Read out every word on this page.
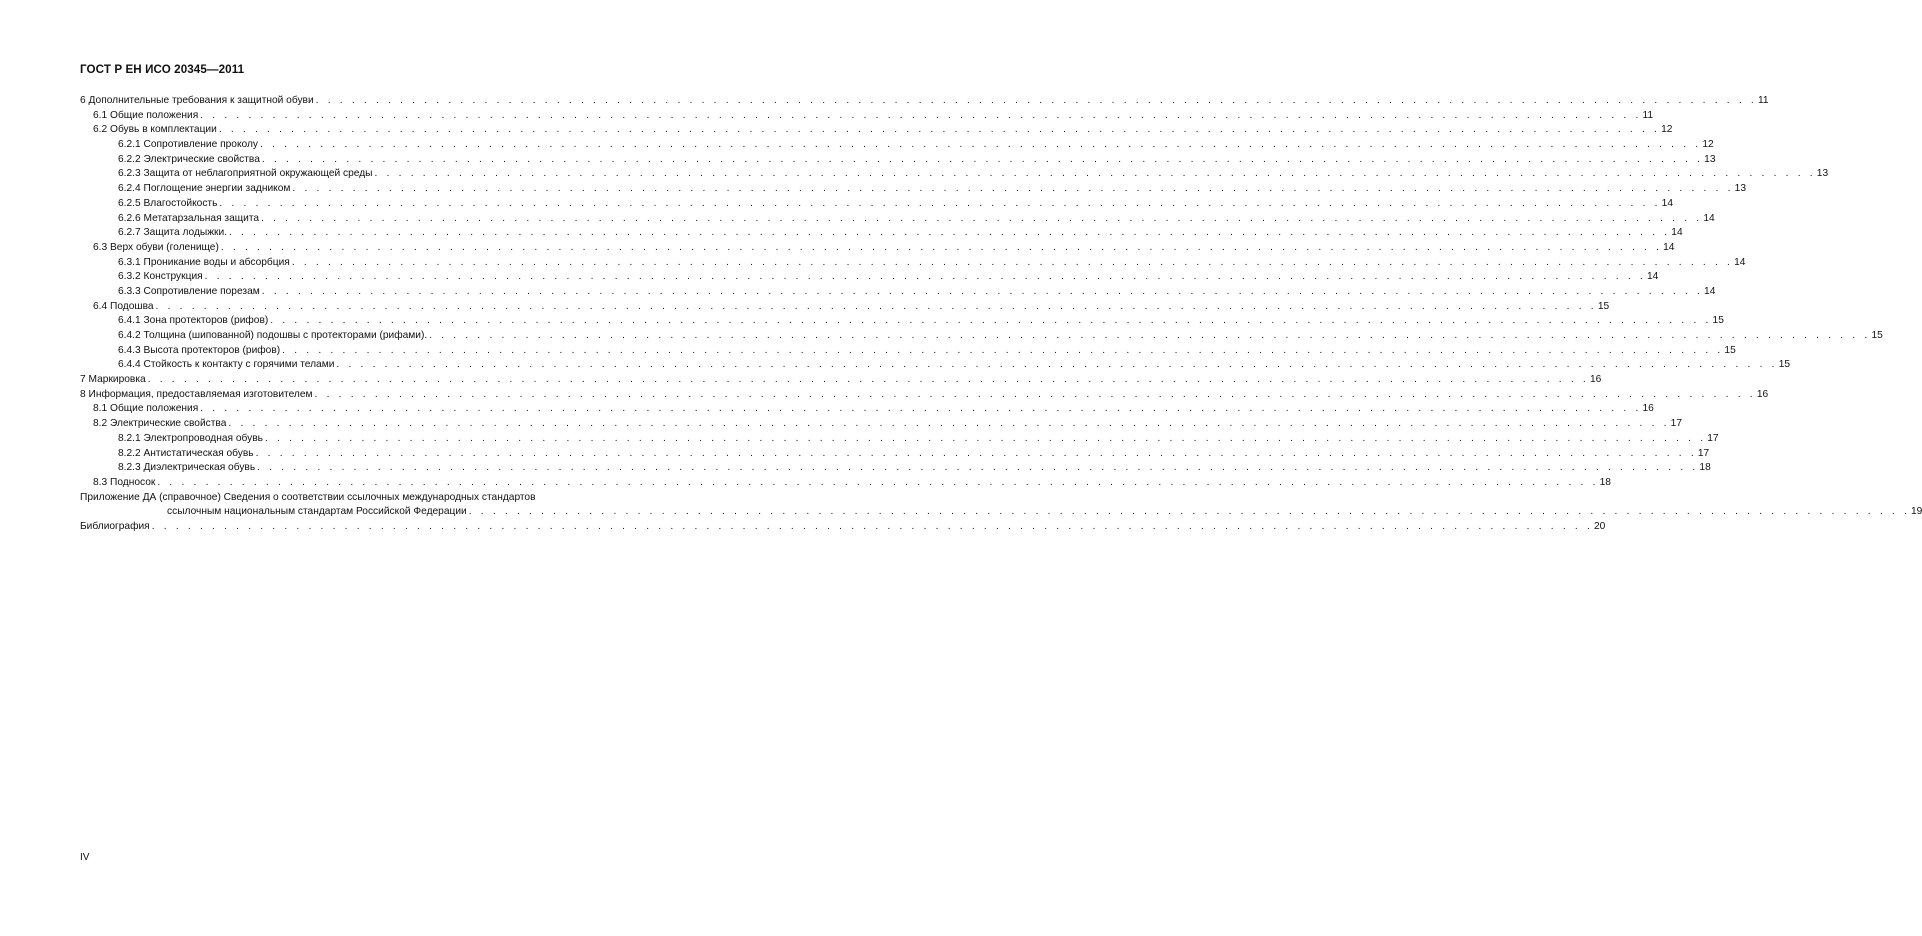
ГОСТ Р ЕН ИСО 20345—2011
6 Дополнительные требования к защитной обуви . . . . . . . . . . . . . . . . . . . . . . . . . . . . . . . . . . . . . . . . . . . . . . . . . . . . . . . . . . . . . . . . . . . . . . . . . . . . . . . . . . . . . . . . . . . . . . . . . . . . . . . . . . . . . . . . . . . . . . . . 11
6.1 Общие положения . . . . . . . . . . . . . . . . . . . . . . . . . . . . . . . . . . . . . . . . . . . . . . . . . . . . . . . . . . . . . . . . . . . . . . . . . . . . . . . . . . . . . . . . . . . . . . . . . . . . . . . . . . . . . . . . . . . . . . . . 11
6.2 Обувь в комплектации . . . . . . . . . . . . . . . . . . . . . . . . . . . . . . . . . . . . . . . . . . . . . . . . . . . . . . . . . . . . . . . . . . . . . . . . . . . . . . . . . . . . . . . . . . . . . . . . . . . . . . . . . . . . . . . . . . . . . . . . 12
6.2.1 Сопротивление проколу . . . . . . . . . . . . . . . . . . . . . . . . . . . . . . . . . . . . . . . . . . . . . . . . . . . . . . . . . . . . . . . . . . . . . . . . . . . . . . . . . . . . . . . . . . . . . . . . . . . . . . . . . . . . . . . . . . . . . . . . 12
6.2.2 Электрические свойства . . . . . . . . . . . . . . . . . . . . . . . . . . . . . . . . . . . . . . . . . . . . . . . . . . . . . . . . . . . . . . . . . . . . . . . . . . . . . . . . . . . . . . . . . . . . . . . . . . . . . . . . . . . . . . . . . . . . . . . . 13
6.2.3 Защита от неблагоприятной окружающей среды . . . . . . . . . . . . . . . . . . . . . . . . . . . . . . . . . . . . . . . . . . . . . . . . . . . . . . . . . . . . . . . . . . . . . . . . . . . . . . . . . . . . . . . . . . . . . . . . . . . . . . . . . . . . . . . . . . . . . . . . 13
6.2.4 Поглощение энергии задником . . . . . . . . . . . . . . . . . . . . . . . . . . . . . . . . . . . . . . . . . . . . . . . . . . . . . . . . . . . . . . . . . . . . . . . . . . . . . . . . . . . . . . . . . . . . . . . . . . . . . . . . . . . . . . . . . . . . . . . . 13
6.2.5 Влагостойкость . . . . . . . . . . . . . . . . . . . . . . . . . . . . . . . . . . . . . . . . . . . . . . . . . . . . . . . . . . . . . . . . . . . . . . . . . . . . . . . . . . . . . . . . . . . . . . . . . . . . . . . . . . . . . . . . . . . . . . . . 14
6.2.6 Метатарзальная защита . . . . . . . . . . . . . . . . . . . . . . . . . . . . . . . . . . . . . . . . . . . . . . . . . . . . . . . . . . . . . . . . . . . . . . . . . . . . . . . . . . . . . . . . . . . . . . . . . . . . . . . . . . . . . . . . . . . . . . . . 14
6.2.7 Защита лодыжки. . . . . . . . . . . . . . . . . . . . . . . . . . . . . . . . . . . . . . . . . . . . . . . . . . . . . . . . . . . . . . . . . . . . . . . . . . . . . . . . . . . . . . . . . . . . . . . . . . . . . . . . . . . . . . . . . . . . . . . . . 14
6.3 Верх обуви (голенище) . . . . . . . . . . . . . . . . . . . . . . . . . . . . . . . . . . . . . . . . . . . . . . . . . . . . . . . . . . . . . . . . . . . . . . . . . . . . . . . . . . . . . . . . . . . . . . . . . . . . . . . . . . . . . . . . . . . . . . . . 14
6.3.1 Проникание воды и абсорбция . . . . . . . . . . . . . . . . . . . . . . . . . . . . . . . . . . . . . . . . . . . . . . . . . . . . . . . . . . . . . . . . . . . . . . . . . . . . . . . . . . . . . . . . . . . . . . . . . . . . . . . . . . . . . . . . . . . . . . . . 14
6.3.2 Конструкция . . . . . . . . . . . . . . . . . . . . . . . . . . . . . . . . . . . . . . . . . . . . . . . . . . . . . . . . . . . . . . . . . . . . . . . . . . . . . . . . . . . . . . . . . . . . . . . . . . . . . . . . . . . . . . . . . . . . . . . . 14
6.3.3 Сопротивление порезам . . . . . . . . . . . . . . . . . . . . . . . . . . . . . . . . . . . . . . . . . . . . . . . . . . . . . . . . . . . . . . . . . . . . . . . . . . . . . . . . . . . . . . . . . . . . . . . . . . . . . . . . . . . . . . . . . . . . . . . . 14
6.4 Подошва . . . . . . . . . . . . . . . . . . . . . . . . . . . . . . . . . . . . . . . . . . . . . . . . . . . . . . . . . . . . . . . . . . . . . . . . . . . . . . . . . . . . . . . . . . . . . . . . . . . . . . . . . . . . . . . . . . . . . . . . 15
6.4.1 Зона протекторов (рифов) . . . . . . . . . . . . . . . . . . . . . . . . . . . . . . . . . . . . . . . . . . . . . . . . . . . . . . . . . . . . . . . . . . . . . . . . . . . . . . . . . . . . . . . . . . . . . . . . . . . . . . . . . . . . . . . . . . . . . . . . 15
6.4.2 Толщина (шипованной) подошвы с протекторами (рифами). . . . . . . . . . . . . . . . . . . . . . . . . . . . . . . . . . . . . . . . . . . . . . . . . . . . . . . . . . . . . . . . . . . . . . . . . . . . . . . . . . . . . . . . . . . . . . . . . . . . . . . . . . . . . . . . . . . . . . . . . 15
6.4.3 Высота протекторов (рифов) . . . . . . . . . . . . . . . . . . . . . . . . . . . . . . . . . . . . . . . . . . . . . . . . . . . . . . . . . . . . . . . . . . . . . . . . . . . . . . . . . . . . . . . . . . . . . . . . . . . . . . . . . . . . . . . . . . . . . . . . 15
6.4.4 Стойкость к контакту с горячими телами . . . . . . . . . . . . . . . . . . . . . . . . . . . . . . . . . . . . . . . . . . . . . . . . . . . . . . . . . . . . . . . . . . . . . . . . . . . . . . . . . . . . . . . . . . . . . . . . . . . . . . . . . . . . . . . . . . . . . . . . 15
7 Маркировка . . . . . . . . . . . . . . . . . . . . . . . . . . . . . . . . . . . . . . . . . . . . . . . . . . . . . . . . . . . . . . . . . . . . . . . . . . . . . . . . . . . . . . . . . . . . . . . . . . . . . . . . . . . . . . . . . . . . . . . . 16
8 Информация, предоставляемая изготовителем . . . . . . . . . . . . . . . . . . . . . . . . . . . . . . . . . . . . . . . . . . . . . . . . . . . . . . . . . . . . . . . . . . . . . . . . . . . . . . . . . . . . . . . . . . . . . . . . . . . . . . . . . . . . . . . . . . . . . . . . 16
8.1 Общие положения . . . . . . . . . . . . . . . . . . . . . . . . . . . . . . . . . . . . . . . . . . . . . . . . . . . . . . . . . . . . . . . . . . . . . . . . . . . . . . . . . . . . . . . . . . . . . . . . . . . . . . . . . . . . . . . . . . . . . . . . 16
8.2 Электрические свойства . . . . . . . . . . . . . . . . . . . . . . . . . . . . . . . . . . . . . . . . . . . . . . . . . . . . . . . . . . . . . . . . . . . . . . . . . . . . . . . . . . . . . . . . . . . . . . . . . . . . . . . . . . . . . . . . . . . . . . . . 17
8.2.1 Электропроводная обувь . . . . . . . . . . . . . . . . . . . . . . . . . . . . . . . . . . . . . . . . . . . . . . . . . . . . . . . . . . . . . . . . . . . . . . . . . . . . . . . . . . . . . . . . . . . . . . . . . . . . . . . . . . . . . . . . . . . . . . . . 17
8.2.2 Антистатическая обувь . . . . . . . . . . . . . . . . . . . . . . . . . . . . . . . . . . . . . . . . . . . . . . . . . . . . . . . . . . . . . . . . . . . . . . . . . . . . . . . . . . . . . . . . . . . . . . . . . . . . . . . . . . . . . . . . . . . . . . . . 17
8.2.3 Диэлектрическая обувь . . . . . . . . . . . . . . . . . . . . . . . . . . . . . . . . . . . . . . . . . . . . . . . . . . . . . . . . . . . . . . . . . . . . . . . . . . . . . . . . . . . . . . . . . . . . . . . . . . . . . . . . . . . . . . . . . . . . . . . . 18
8.3 Подносок . . . . . . . . . . . . . . . . . . . . . . . . . . . . . . . . . . . . . . . . . . . . . . . . . . . . . . . . . . . . . . . . . . . . . . . . . . . . . . . . . . . . . . . . . . . . . . . . . . . . . . . . . . . . . . . . . . . . . . . . 18
Приложение ДА (справочное) Сведения о соответствии ссылочных международных стандартов
ссылочным национальным стандартам Российской Федерации . . . . . . . . . . . . . . . . . . . . . . . . . . . . . . . . . . . . . . . . . . . . . . . . . . . . . . . . . . . . . . . . . . . . . . . . . . . . . . . . . . . . . . . . . . . . . . . . . . . . . . . . . . . . . . . . . . . . . . . . 19
Библиография . . . . . . . . . . . . . . . . . . . . . . . . . . . . . . . . . . . . . . . . . . . . . . . . . . . . . . . . . . . . . . . . . . . . . . . . . . . . . . . . . . . . . . . . . . . . . . . . . . . . . . . . . . . . . . . . . . . . . . . . 20
IV
